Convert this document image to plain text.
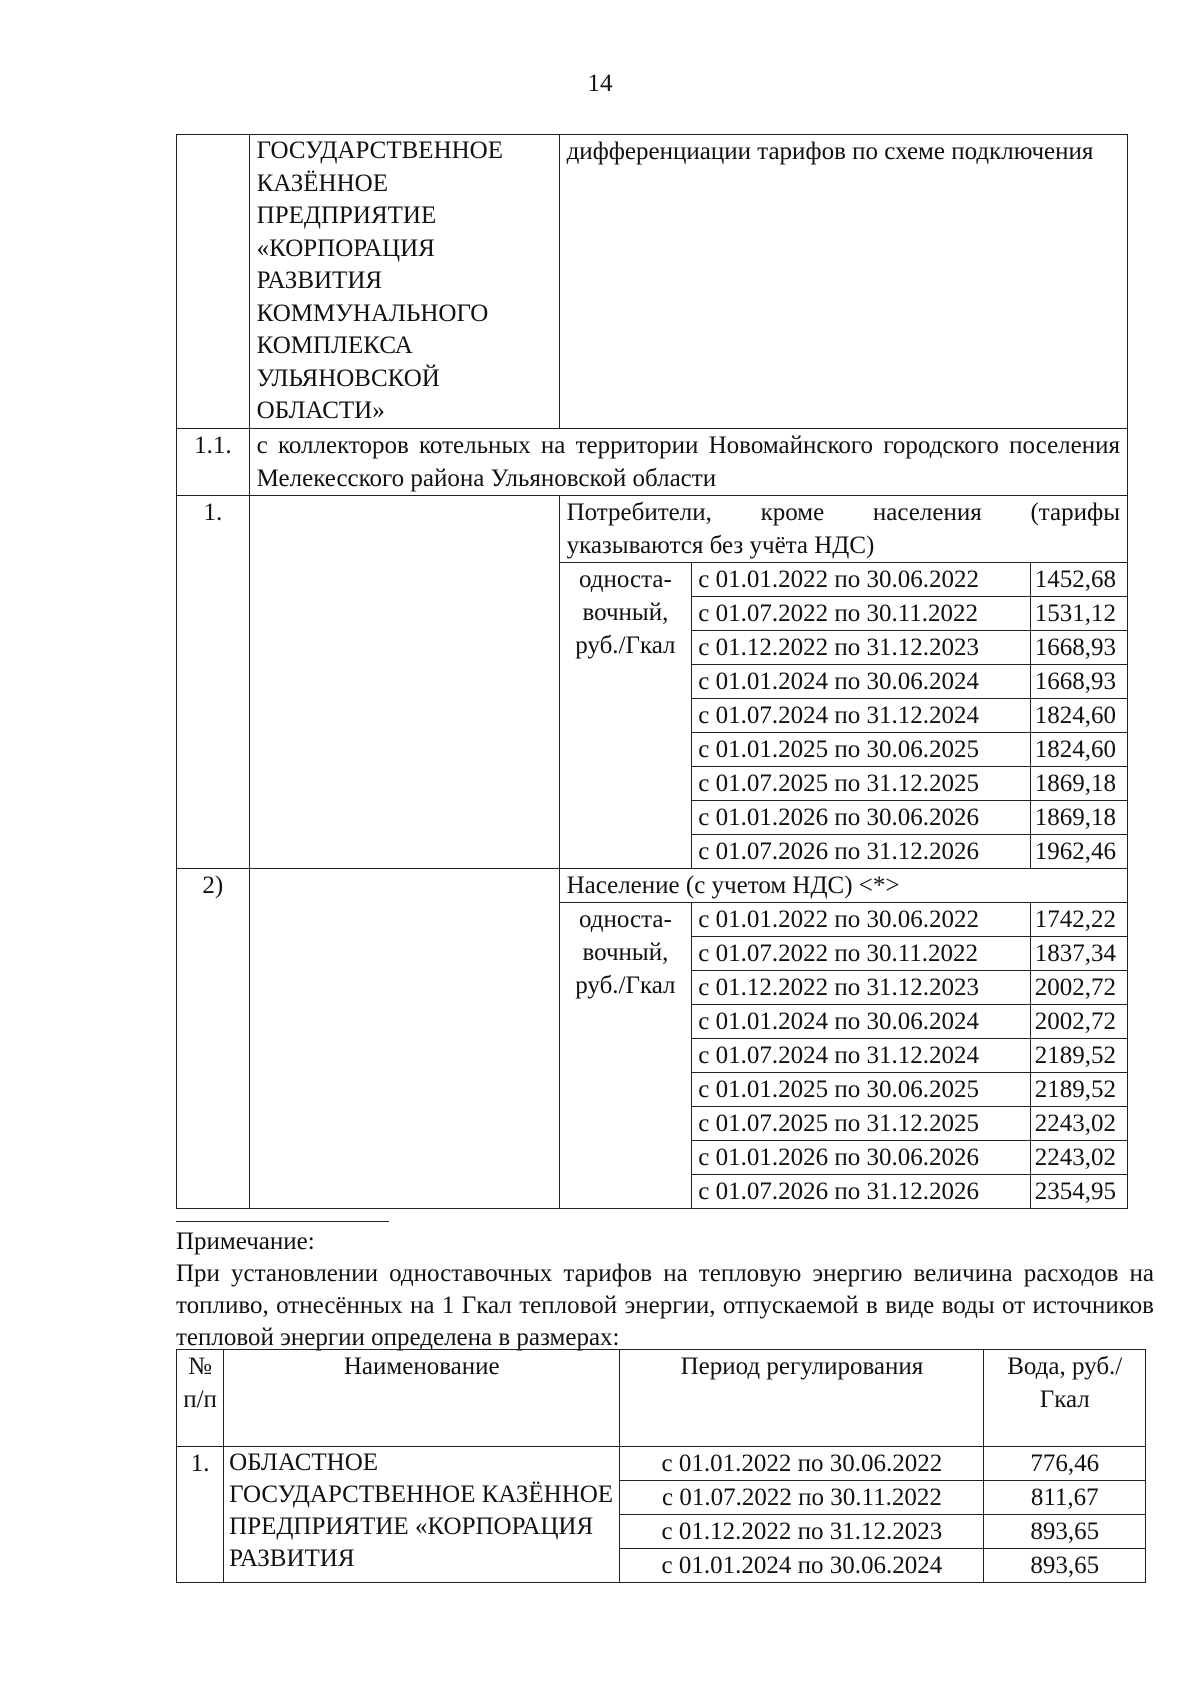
14
	ГОСУДАРСТВЕННОЕ КАЗЁННОЕ ПРЕДПРИЯТИЕ «КОРПОРАЦИЯ РАЗВИТИЯ КОММУНАЛЬНОГО КОМПЛЕКСА УЛЬЯНОВСКОЙ ОБЛАСТИ»	дифференциации тарифов по схеме подключения		
1.1.	с коллекторов котельных на территории Новомайнского городского поселения Мелекесского района Ульяновской области			
1.		Потребители, кроме населения (тарифы указываются без учёта НДС)		
		односта-вочный, руб./Гкал	с 01.01.2022 по 30.06.2022	1452,68
			с 01.07.2022 по 30.11.2022	1531,12
			с 01.12.2022 по 31.12.2023	1668,93
			с 01.01.2024 по 30.06.2024	1668,93
			с 01.07.2024 по 31.12.2024	1824,60
			с 01.01.2025 по 30.06.2025	1824,60
			с 01.07.2025 по 31.12.2025	1869,18
			с 01.01.2026 по 30.06.2026	1869,18
			с 01.07.2026 по 31.12.2026	1962,46
2)		Население (с учетом НДС) <*>		
		односта-вочный, руб./Гкал	с 01.01.2022 по 30.06.2022	1742,22
			с 01.07.2022 по 30.11.2022	1837,34
			с 01.12.2022 по 31.12.2023	2002,72
			с 01.01.2024 по 30.06.2024	2002,72
			с 01.07.2024 по 31.12.2024	2189,52
			с 01.01.2025 по 30.06.2025	2189,52
			с 01.07.2025 по 31.12.2025	2243,02
			с 01.01.2026 по 30.06.2026	2243,02
			с 01.07.2026 по 31.12.2026	2354,95
Примечание:
При установлении одноставочных тарифов на тепловую энергию величина расходов на топливо, отнесённых на 1 Гкал тепловой энергии, отпускаемой в виде воды от источников тепловой энергии определена в размерах:
№ п/п	Наименование	Период регулирования	Вода, руб./Гкал
1.	ОБЛАСТНОЕ ГОСУДАРСТВЕННОЕ КАЗЁННОЕ ПРЕДПРИЯТИЕ «КОРПОРАЦИЯ РАЗВИТИЯ	с 01.01.2022 по 30.06.2022	776,46
		с 01.07.2022 по 30.11.2022	811,67
		с 01.12.2022 по 31.12.2023	893,65
		с 01.01.2024 по 30.06.2024	893,65
